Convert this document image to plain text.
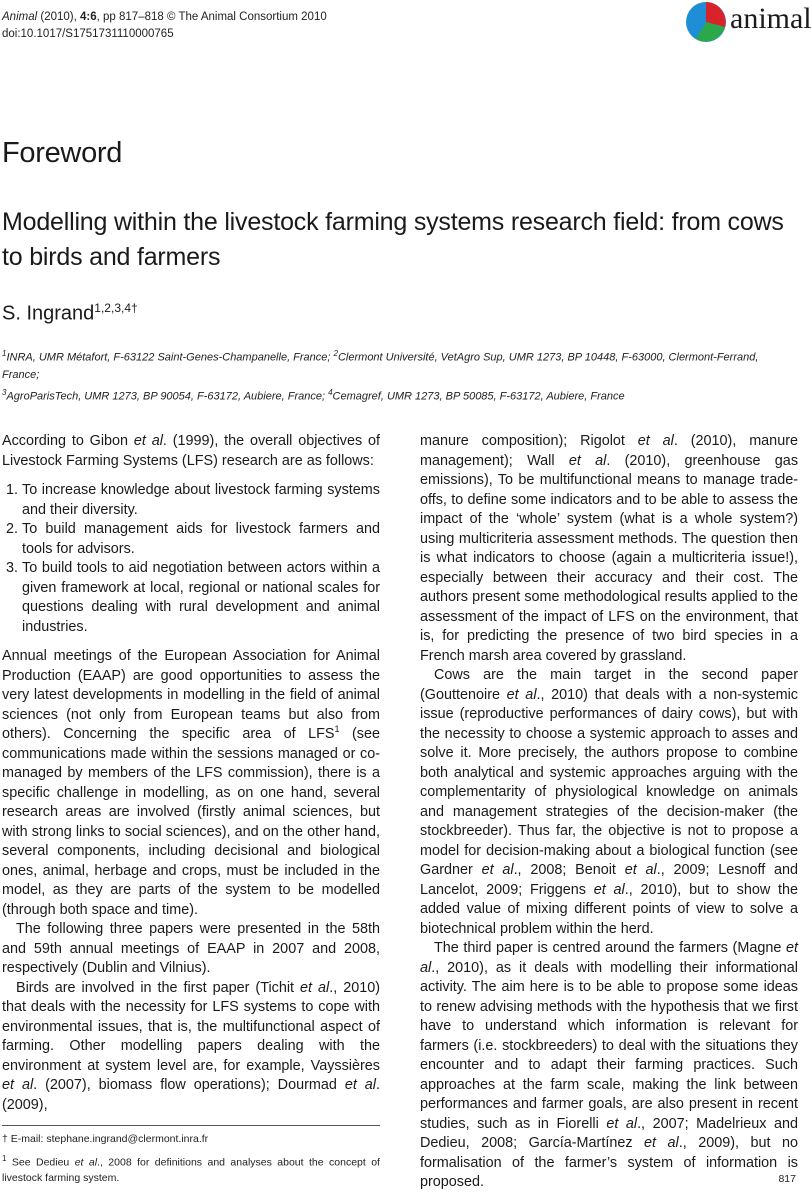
Animal (2010), 4:6, pp 817–818 © The Animal Consortium 2010
doi:10.1017/S1751731110000765	animal
Foreword
Modelling within the livestock farming systems research field: from cows to birds and farmers
S. Ingrand$^{1,2,3,4\dagger}$
$^1$INRA, UMR Métafort, F-63122 Saint-Genes-Champanelle, France; $^2$Clermont Université, VetAgro Sup, UMR 1273, BP 10448, F-63000, Clermont-Ferrand, France;
$^3$AgroParisTech, UMR 1273, BP 90054, F-63172, Aubiere, France; $^4$Cemagref, UMR 1273, BP 50085, F-63172, Aubiere, France

According to Gibon et al. (1999), the overall objectives of Livestock Farming Systems (LFS) research are as follows:

1. To increase knowledge about livestock farming systems and their diversity.
2. To build management aids for livestock farmers and tools for advisors.
3. To build tools to aid negotiation between actors within a given framework at local, regional or national scales for questions dealing with rural development and animal industries.

Annual meetings of the European Association for Animal Production (EAAP) are good opportunities to assess the very latest developments in modelling in the field of animal sciences (not only from European teams but also from others). Concerning the specific area of LFS$^1$ (see communications made within the sessions managed or co-managed by members of the LFS commission), there is a specific challenge in modelling, as on one hand, several research areas are involved (firstly animal sciences, but with strong links to social sciences), and on the other hand, several components, including decisional and biological ones, animal, herbage and crops, must be included in the model, as they are parts of the system to be modelled (through both space and time).

The following three papers were presented in the 58th and 59th annual meetings of EAAP in 2007 and 2008, respectively (Dublin and Vilnius).

Birds are involved in the first paper (Tichit et al., 2010) that deals with the necessity for LFS systems to cope with environmental issues, that is, the multifunctional aspect of farming. Other modelling papers dealing with the environment at system level are, for example, Vayssières et al. (2007), biomass flow operations); Dourmad et al. (2009),

† E-mail: stephane.ingrand@clermont.inra.fr

$^1$ See Dedieu et al., 2008 for definitions and analyses about the concept of livestock farming system.

manure composition); Rigolot et al. (2010), manure management); Wall et al. (2010), greenhouse gas emissions), To be multifunctional means to manage trade-offs, to define some indicators and to be able to assess the impact of the ‘whole’ system (what is a whole system?) using multicriteria assessment methods. The question then is what indicators to choose (again a multicriteria issue!), especially between their accuracy and their cost. The authors present some methodological results applied to the assessment of the impact of LFS on the environment, that is, for predicting the presence of two bird species in a French marsh area covered by grassland.

Cows are the main target in the second paper (Gouttenoire et al., 2010) that deals with a non-systemic issue (reproductive performances of dairy cows), but with the necessity to choose a systemic approach to asses and solve it. More precisely, the authors propose to combine both analytical and systemic approaches arguing with the complementarity of physiological knowledge on animals and management strategies of the decision-maker (the stockbreeder). Thus far, the objective is not to propose a model for decision-making about a biological function (see Gardner et al., 2008; Benoit et al., 2009; Lesnoff and Lancelot, 2009; Friggens et al., 2010), but to show the added value of mixing different points of view to solve a biotechnical problem within the herd.

The third paper is centred around the farmers (Magne et al., 2010), as it deals with modelling their informational activity. The aim here is to be able to propose some ideas to renew advising methods with the hypothesis that we first have to understand which information is relevant for farmers (i.e. stockbreeders) to deal with the situations they encounter and to adapt their farming practices. Such approaches at the farm scale, making the link between performances and farmer goals, are also present in recent studies, such as in Fiorelli et al., 2007; Madelrieux and Dedieu, 2008; García-Martínez et al., 2009), but no formalisation of the farmer’s system of information is proposed.	817
